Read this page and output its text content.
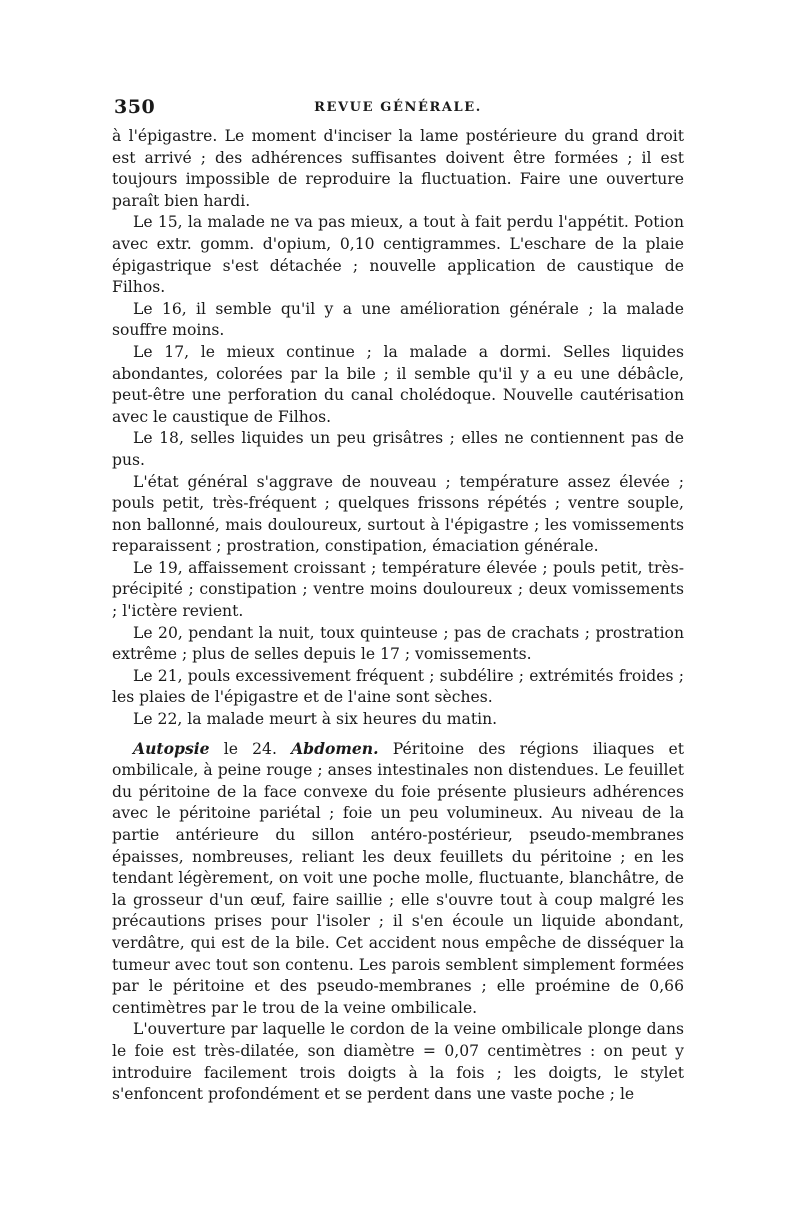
350	REVUE GÉNÉRALE.

à l'épigastre. Le moment d'inciser la lame postérieure du grand droit est arrivé ; des adhérences suffisantes doivent être formées ; il est toujours impossible de reproduire la fluctuation. Faire une ouverture paraît bien hardi.

Le 15, la malade ne va pas mieux, a tout à fait perdu l'appétit. Potion avec extr. gomm. d'opium, 0,10 centigrammes. L'eschare de la plaie épigastrique s'est détachée ; nouvelle application de caustique de Filhos.

Le 16, il semble qu'il y a une amélioration générale ; la malade souffre moins.

Le 17, le mieux continue ; la malade a dormi. Selles liquides abondantes, colorées par la bile ; il semble qu'il y a eu une débâcle, peut-être une perforation du canal cholédoque. Nouvelle cautérisation avec le caustique de Filhos.

Le 18, selles liquides un peu grisâtres ; elles ne contiennent pas de pus.

L'état général s'aggrave de nouveau ; température assez élevée ; pouls petit, très-fréquent ; quelques frissons répétés ; ventre souple, non ballonné, mais douloureux, surtout à l'épigastre ; les vomissements reparaissent ; prostration, constipation, émaciation générale.

Le 19, affaissement croissant ; température élevée ; pouls petit, très-précipité ; constipation ; ventre moins douloureux ; deux vomissements ; l'ictère revient.

Le 20, pendant la nuit, toux quinteuse ; pas de crachats ; prostration extrême ; plus de selles depuis le 17 ; vomissements.

Le 21, pouls excessivement fréquent ; subdélire ; extrémités froides ; les plaies de l'épigastre et de l'aine sont sèches.

Le 22, la malade meurt à six heures du matin.

Autopsie le 24. Abdomen. Péritoine des régions iliaques et ombilicale, à peine rouge ; anses intestinales non distendues. Le feuillet du péritoine de la face convexe du foie présente plusieurs adhérences avec le péritoine pariétal ; foie un peu volumineux. Au niveau de la partie antérieure du sillon antéro-postérieur, pseudo-membranes épaisses, nombreuses, reliant les deux feuillets du péritoine ; en les tendant légèrement, on voit une poche molle, fluctuante, blanchâtre, de la grosseur d'un œuf, faire saillie ; elle s'ouvre tout à coup malgré les précautions prises pour l'isoler ; il s'en écoule un liquide abondant, verdâtre, qui est de la bile. Cet accident nous empêche de disséquer la tumeur avec tout son contenu. Les parois semblent simplement formées par le péritoine et des pseudo-membranes ; elle proémine de 0,66 centimètres par le trou de la veine ombilicale.

L'ouverture par laquelle le cordon de la veine ombilicale plonge dans le foie est très-dilatée, son diamètre = 0,07 centimètres : on peut y introduire facilement trois doigts à la fois ; les doigts, le stylet s'enfoncent profondément et se perdent dans une vaste poche ; le
